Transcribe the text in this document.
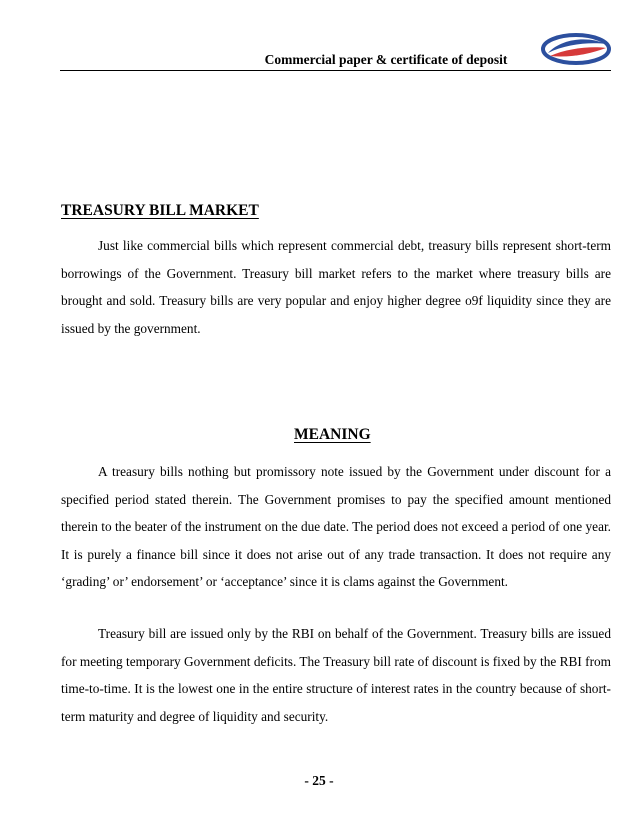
Commercial paper & certificate of deposit
TREASURY BILL MARKET

Just like commercial bills which represent commercial debt, treasury bills represent short-term borrowings of the Government. Treasury bill market refers to the market where treasury bills are brought and sold. Treasury bills are very popular and enjoy higher degree o9f liquidity since they are issued by the government.

MEANING

A treasury bills nothing but promissory note issued by the Government under discount for a specified period stated therein. The Government promises to pay the specified amount mentioned therein to the beater of the instrument on the due date. The period does not exceed a period of one year. It is purely a finance bill since it does not arise out of any trade transaction. It does not require any ‘grading’ or’ endorsement’ or ‘acceptance’ since it is clams against the Government.

Treasury bill are issued only by the RBI on behalf of the Government. Treasury bills are issued for meeting temporary Government deficits. The Treasury bill rate of discount is fixed by the RBI from time-to-time. It is the lowest one in the entire structure of interest rates in the country because of short-term maturity and degree of liquidity and security.

- 25 -
